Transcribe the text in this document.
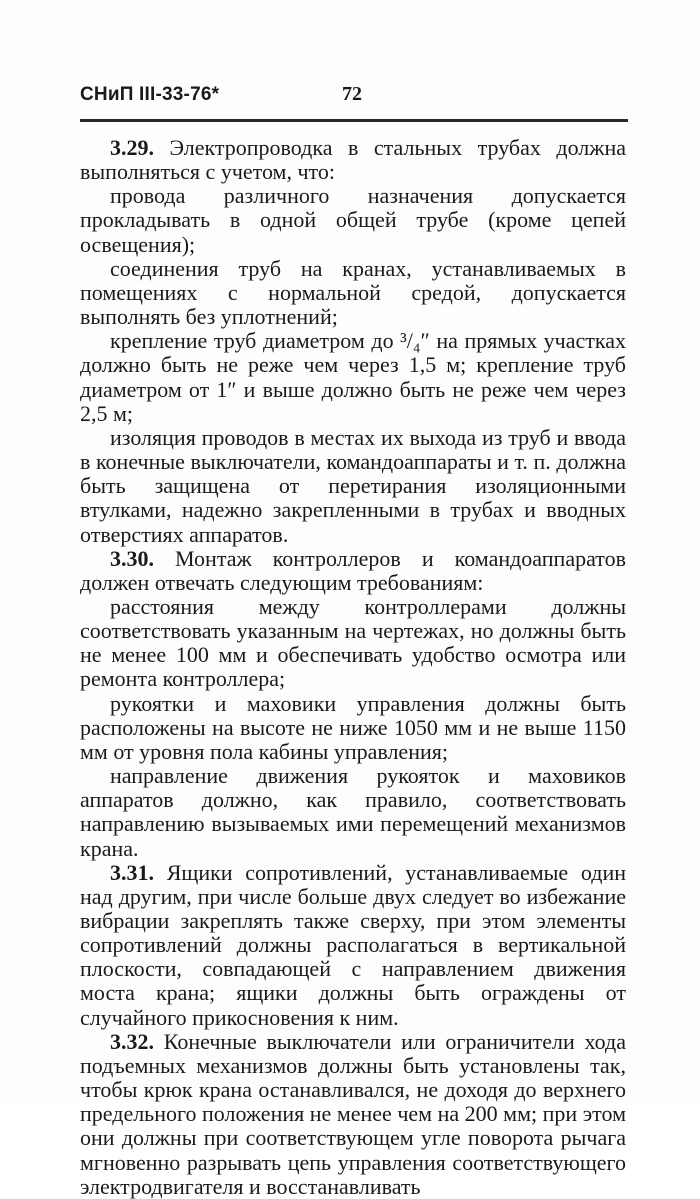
СНиП III-33-76*	72

3.29. Электропроводка в стальных трубах должна выполняться с учетом, что:

провода различного назначения допускается прокладывать в одной общей трубе (кроме цепей освещения);

соединения труб на кранах, устанавливаемых в помещениях с нормальной средой, допускается выполнять без уплотнений;

крепление труб диаметром до ³/₄″ на прямых участках должно быть не реже чем через 1,5 м; крепление труб диаметром от 1″ и выше должно быть не реже чем через 2,5 м;

изоляция проводов в местах их выхода из труб и ввода в конечные выключатели, командоаппараты и т. п. должна быть защищена от перетирания изоляционными втулками, надежно закрепленными в трубах и вводных отверстиях аппаратов.

3.30. Монтаж контроллеров и командоаппаратов должен отвечать следующим требованиям:

расстояния между контроллерами должны соответствовать указанным на чертежах, но должны быть не менее 100 мм и обеспечивать удобство осмотра или ремонта контроллера;

рукоятки и маховики управления должны быть расположены на высоте не ниже 1050 мм и не выше 1150 мм от уровня пола кабины управления;

направление движения рукояток и маховиков аппаратов должно, как правило, соответствовать направлению вызываемых ими перемещений механизмов крана.

3.31. Ящики сопротивлений, устанавливаемые один над другим, при числе больше двух следует во избежание вибрации закреплять также сверху, при этом элементы сопротивлений должны располагаться в вертикальной плоскости, совпадающей с направлением движения моста крана; ящики должны быть ограждены от случайного прикосновения к ним.

3.32. Конечные выключатели или ограничители хода подъемных механизмов должны быть установлены так, чтобы крюк крана останавливался, не доходя до верхнего предельного положения не менее чем на 200 мм; при этом они должны при соответствующем угле поворота рычага мгновенно разрывать цепь управления соответствующего электродвигателя и восстанавливать
